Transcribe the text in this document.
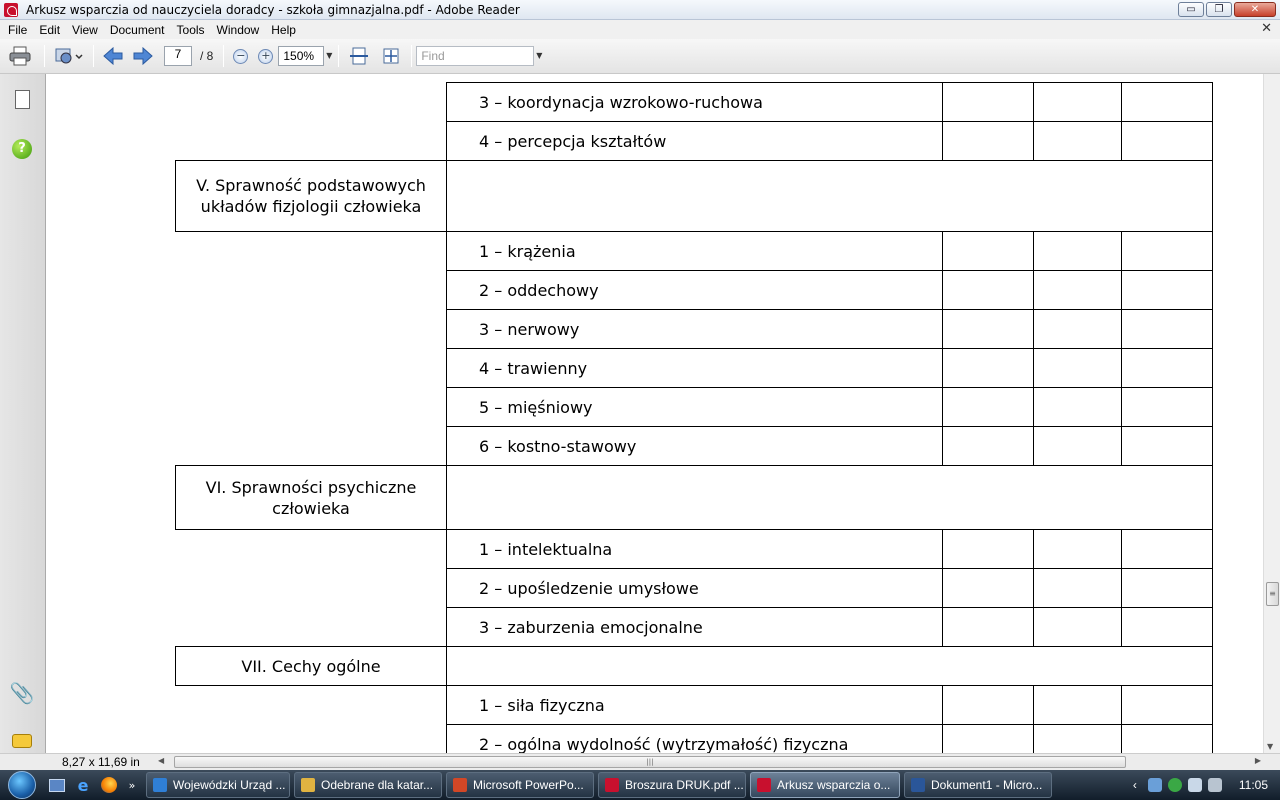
Arkusz wsparczia od nauczyciela doradcy - szkoła gimnazjalna.pdf - Adobe Reader	▭	❐	✕
File	Edit	View	Document	Tools	Window	Help	✕
7	/ 8 − +	150%	▼	Find	▼
?
📎
	3 – koordynacja wzrokowo-ruchowa			
	4 – percepcja kształtów			
V. Sprawność podstawowych układów fizjologii człowieka				
	1 – krążenia			
	2 – oddechowy			
	3 – nerwowy			
	4 – trawienny			
	5 – mięśniowy			
	6 – kostno-stawowy			
VI. Sprawności psychiczne człowieka				
	1 – intelektualna			
	2 – upośledzenie umysłowe			
	3 – zaburzenia emocjonalne			
VII. Cechy ogólne				
	1 – siła fizyczna			
	2 – ogólna wydolność (wytrzymałość) fizyczna			
≡
▼
8,27 x 11,69 in	◀	|||	▶
e	»	Wojewódzki Urząd ...	Odebrane dla katar...	Microsoft PowerPo...	Broszura DRUK.pdf ...	Arkusz wsparczia o...	Dokument1 - Micro...	‹	11:05
